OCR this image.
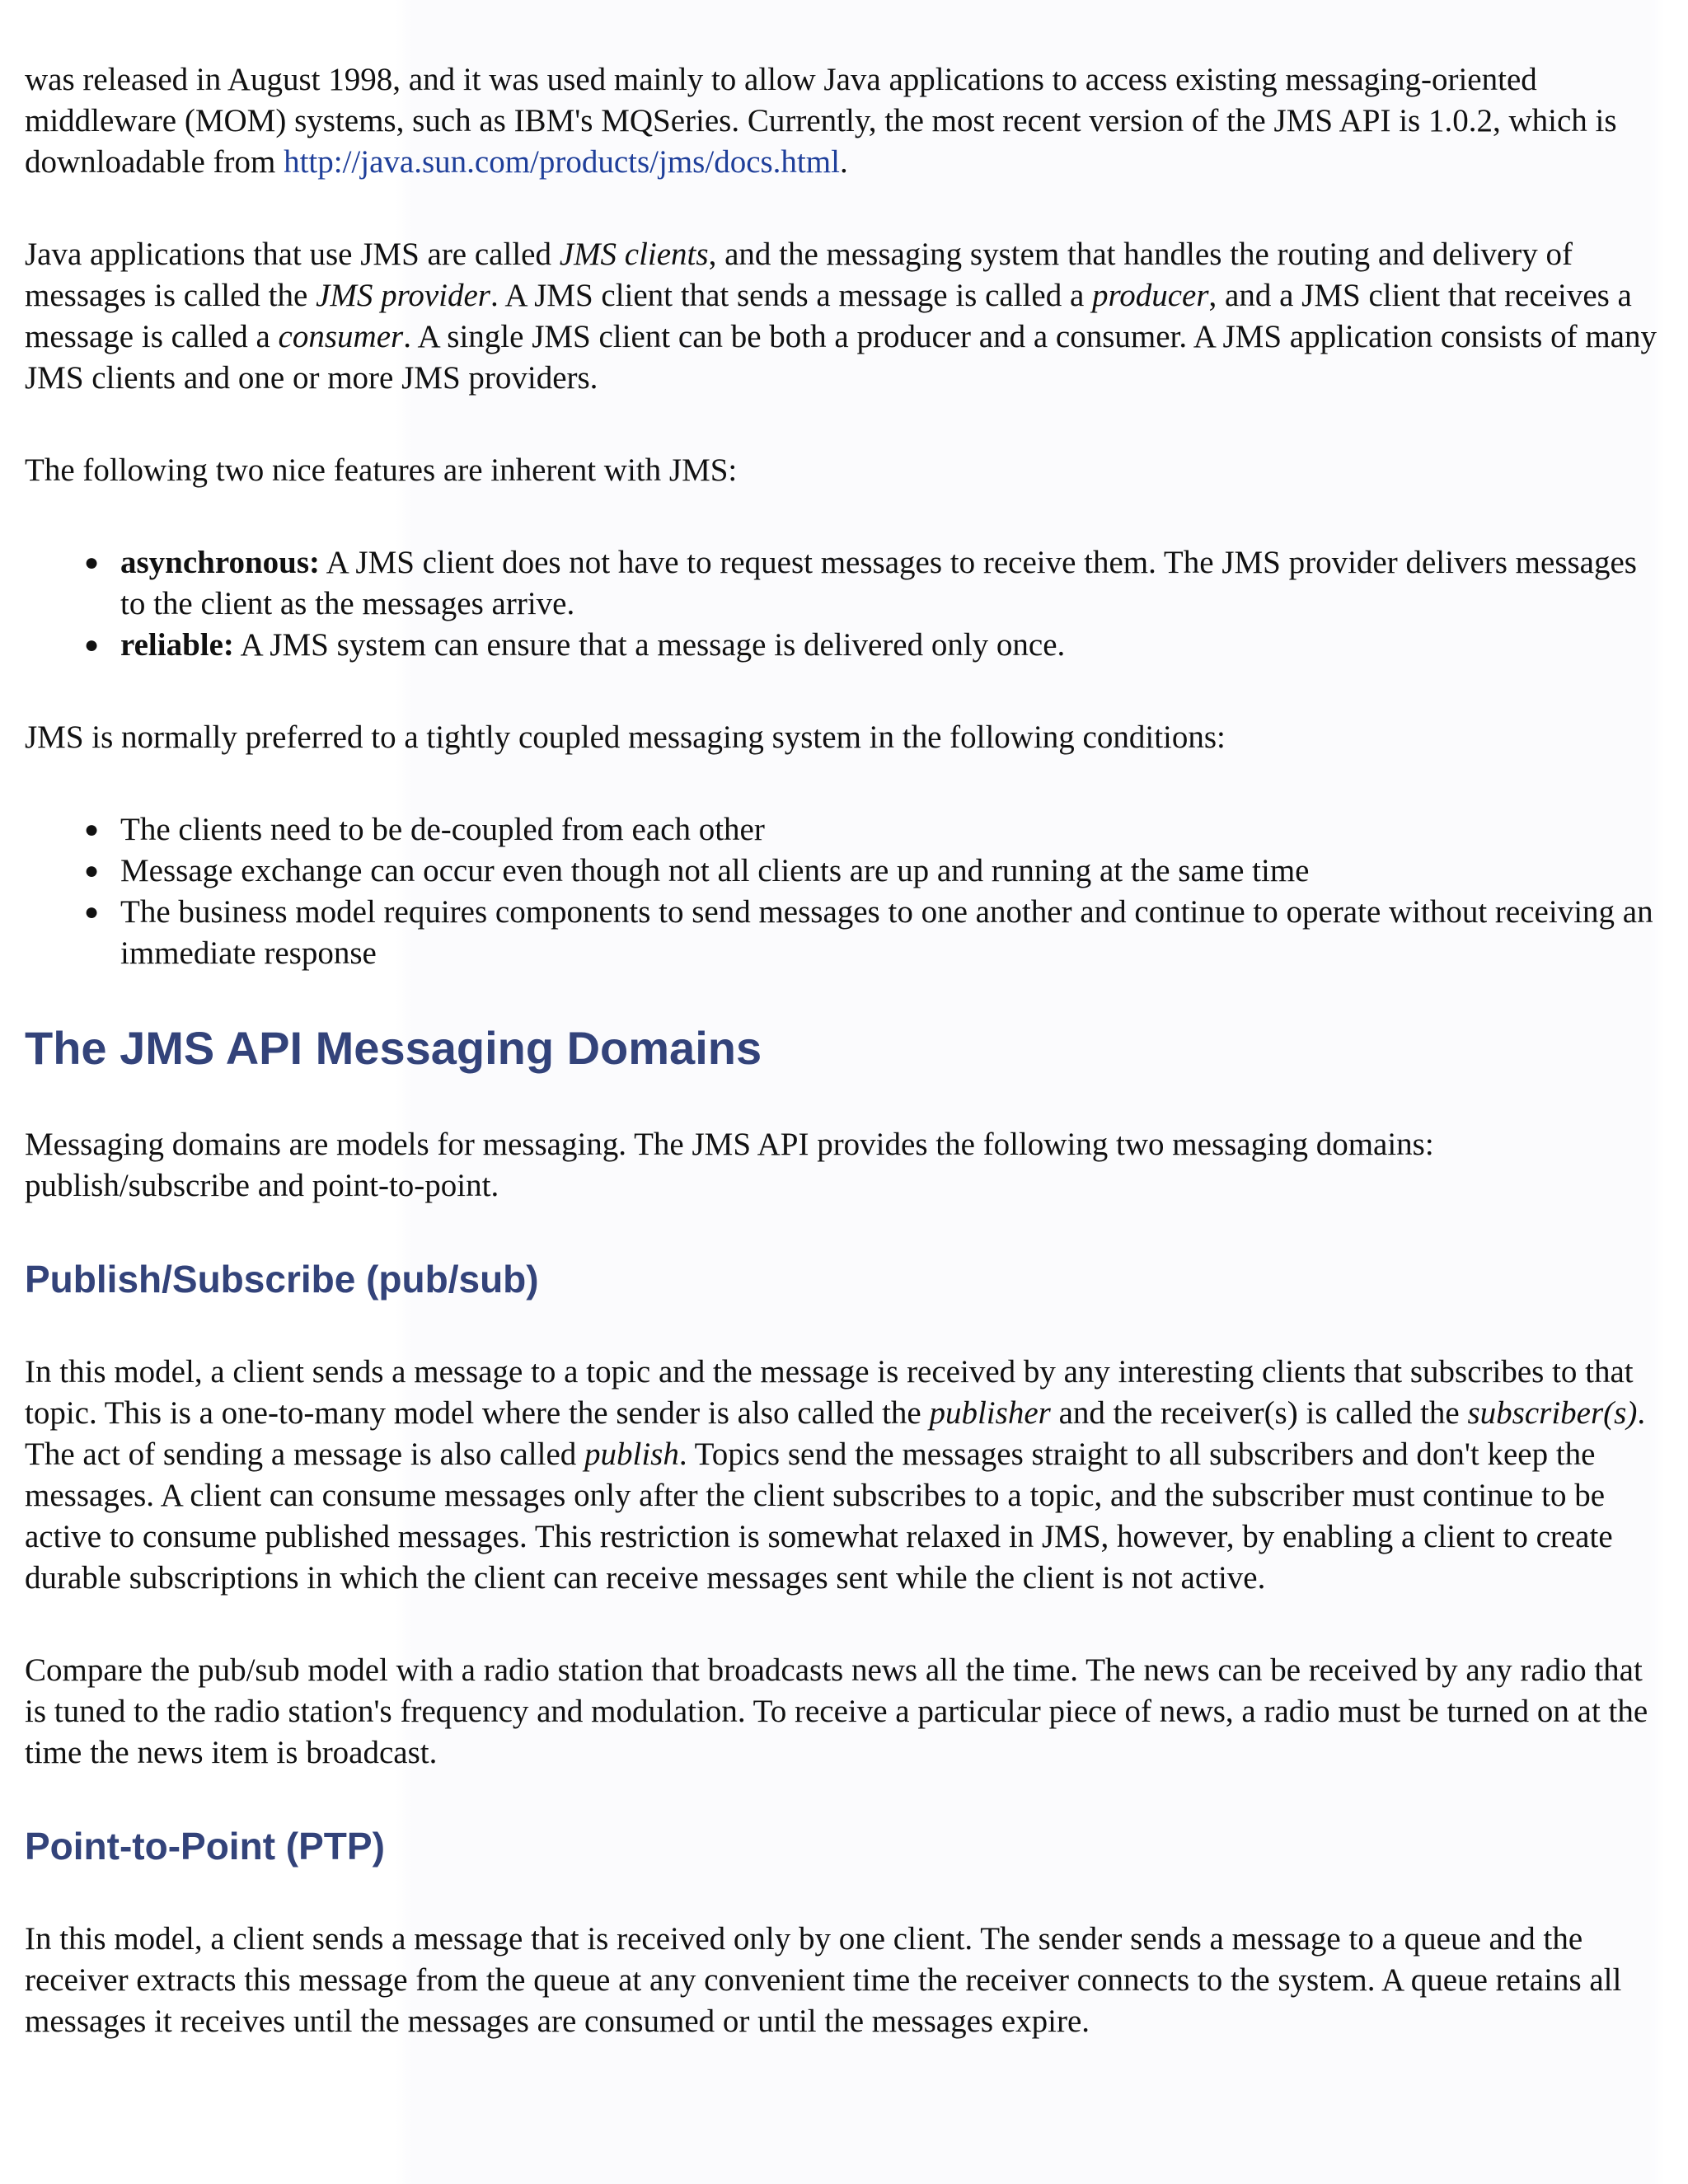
was released in August 1998, and it was used mainly to allow Java applications to access existing messaging-oriented middleware (MOM) systems, such as IBM's MQSeries. Currently, the most recent version of the JMS API is 1.0.2, which is downloadable from http://java.sun.com/products/jms/docs.html.

Java applications that use JMS are called JMS clients, and the messaging system that handles the routing and delivery of messages is called the JMS provider. A JMS client that sends a message is called a producer, and a JMS client that receives a message is called a consumer. A single JMS client can be both a producer and a consumer. A JMS application consists of many JMS clients and one or more JMS providers.

The following two nice features are inherent with JMS:

● asynchronous: A JMS client does not have to request messages to receive them. The JMS provider delivers messages to the client as the messages arrive.
● reliable: A JMS system can ensure that a message is delivered only once.

JMS is normally preferred to a tightly coupled messaging system in the following conditions:

● The clients need to be de-coupled from each other
● Message exchange can occur even though not all clients are up and running at the same time
● The business model requires components to send messages to one another and continue to operate without receiving an immediate response
The JMS API Messaging Domains

Messaging domains are models for messaging. The JMS API provides the following two messaging domains: publish/subscribe and point-to-point.

Publish/Subscribe (pub/sub)

In this model, a client sends a message to a topic and the message is received by any interesting clients that subscribes to that topic. This is a one-to-many model where the sender is also called the publisher and the receiver(s) is called the subscriber(s). The act of sending a message is also called publish. Topics send the messages straight to all subscribers and don't keep the messages. A client can consume messages only after the client subscribes to a topic, and the subscriber must continue to be active to consume published messages. This restriction is somewhat relaxed in JMS, however, by enabling a client to create durable subscriptions in which the client can receive messages sent while the client is not active.

Compare the pub/sub model with a radio station that broadcasts news all the time. The news can be received by any radio that is tuned to the radio station's frequency and modulation. To receive a particular piece of news, a radio must be turned on at the time the news item is broadcast.

Point-to-Point (PTP)

In this model, a client sends a message that is received only by one client. The sender sends a message to a queue and the receiver extracts this message from the queue at any convenient time the receiver connects to the system. A queue retains all messages it receives until the messages are consumed or until the messages expire.
